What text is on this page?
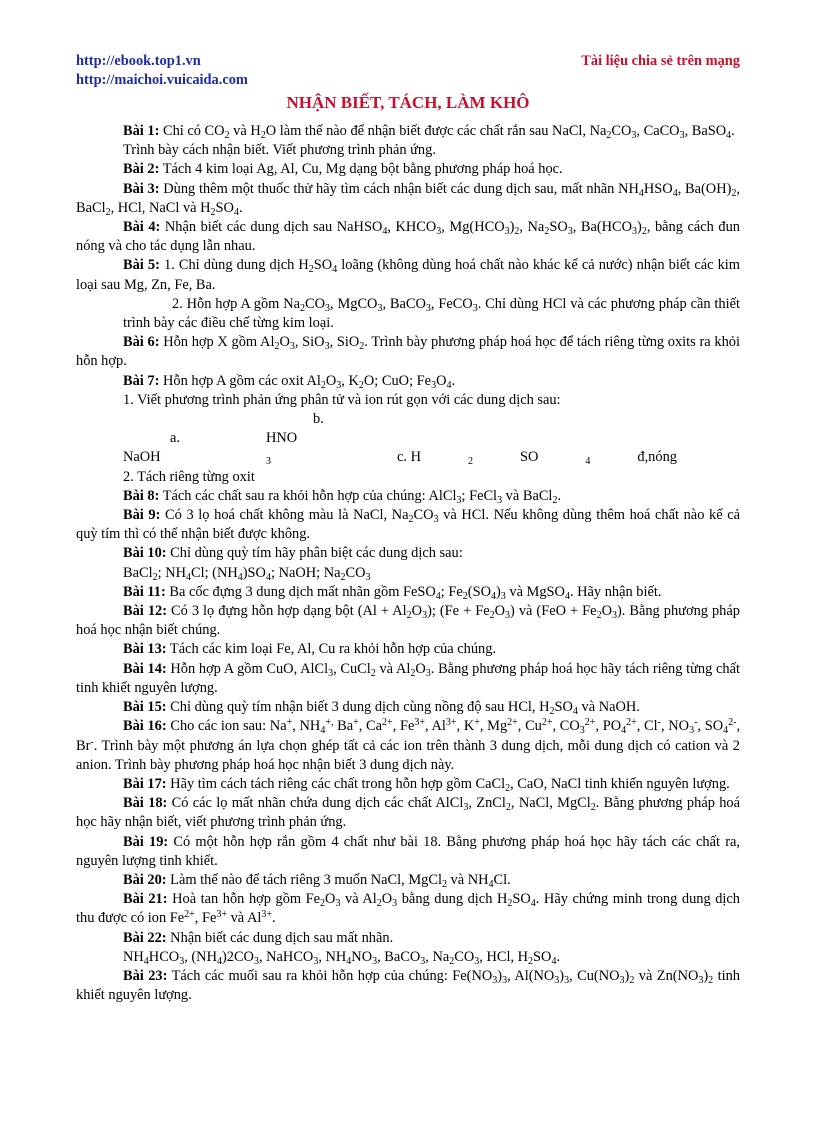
http://ebook.top1.vn
http://maichoi.vuicaida.com
Tài liệu chia sẻ trên mạng
NHẬN BIẾT, TÁCH, LÀM KHÔ

Bài 1: Chỉ có $CO_2$ và $H_2O$ làm thế nào để nhận biết được các chất rắn sau NaCl, $Na_2CO_3$, CaCO$_3$, BaSO$_4$.

Trình bày cách nhận biết. Viết phương trình phản ứng.

Bài 2: Tách 4 kim loại Ag, Al, Cu, Mg dạng bột bằng phương pháp hoá học.

Bài 3: Dùng thêm một thuốc thử hãy tìm cách nhận biết các dung dịch sau, mất nhãn $NH_4HSO_4$, $Ba(OH)_2$, BaCl$_2$, HCl, NaCl và $H_2SO_4$.

Bài 4: Nhận biết các dung dịch sau NaHSO$_4$, $KHCO_3$, $Mg(HCO_3)_2$, $Na_2SO_3$, $Ba(HCO_3)_2$, bằng cách đun nóng và cho tác dụng lẫn nhau.

Bài 5: 1. Chỉ dùng dung dịch $H_2SO_4$ loãng (không dùng hoá chất nào khác kể cả nước) nhận biết các kim loại sau Mg, Zn, Fe, Ba.

2. Hỗn hợp A gồm $Na_2CO_3$, MgCO$_3$, BaCO$_3$, FeCO$_3$. Chỉ dùng HCl và các phương pháp cần thiết trình bày các điều chế từng kim loại.

Bài 6: Hỗn hợp X gồm $Al_2O_3$, SiO$_3$, SiO$_2$. Trình bày phương pháp hoá học để tách riêng từng oxits ra khỏi hỗn hợp.

Bài 7: Hỗn hợp A gồm các oxit $Al_2O_3$, $K_2O$; CuO; $Fe_3O_4$.

1. Viết phương trình phản ứng phân tử và ion rút gọn với các dung dịch sau:

a. NaOHb. HNO3	c. H	2	SO	4	đ,nóng

2. Tách riêng từng oxit

Bài 8: Tách các chất sau ra khỏi hỗn hợp của chúng: AlCl$_3$; FeCl$_3$ và BaCl$_2$.

Bài 9: Có 3 lọ hoá chất không màu là NaCl, $Na_2CO_3$ và HCl. Nếu không dùng thêm hoá chất nào kể cả quỳ tím thì có thể nhận biết được không.

Bài 10: Chỉ dùng quỳ tím hãy phân biệt các dung dịch sau:

BaCl$_2$; $NH_4Cl$; $(NH_4)SO_4$; NaOH; $Na_2CO_3$

Bài 11: Ba cốc đựng 3 dung dịch mất nhãn gồm FeSO$_4$; $Fe_2(SO_4)_3$ và MgSO$_4$. Hãy nhận biết.

Bài 12: Có 3 lọ đựng hỗn hợp dạng bột $(Al + Al_2O_3)$; $(Fe + Fe_2O_3)$ và $(FeO + Fe_2O_3)$. Bằng phương pháp hoá học nhận biết chúng.

Bài 13: Tách các kim loại Fe, Al, Cu ra khỏi hỗn hợp của chúng.

Bài 14: Hỗn hợp A gồm CuO, AlCl$_3$, CuCl$_2$ và $Al_2O_3$. Bằng phương pháp hoá học hãy tách riêng từng chất tinh khiết nguyên lượng.

Bài 15: Chỉ dùng quỳ tím nhận biết 3 dung dịch cùng nồng độ sau HCl, $H_2SO_4$ và NaOH.

Bài 16: Cho các ion sau: Na+, $NH_4^{+,}$ Ba+, $Ca^{2+}$, $Fe^{3+}$, $Al^{3+}$, K+, $Mg^{2+}$, $Cu^{2+}$, $CO_3^{2+}$, $PO_4^{2+}$, Cl-, $NO_3^-$, $SO_4^{2-}$, Br-. Trình bày một phương án lựa chọn ghép tất cả các ion trên thành 3 dung dịch, mỗi dung dịch có cation và 2 anion. Trình bày phương pháp hoá học nhận biết 3 dung dịch này.

Bài 17: Hãy tìm cách tách riêng các chất trong hỗn hợp gồm CaCl$_2$, CaO, NaCl tinh khiến nguyên lượng.

Bài 18: Có các lọ mất nhãn chứa dung dịch các chất AlCl$_3$, ZnCl$_2$, NaCl, MgCl$_2$. Bằng phương pháp hoá học hãy nhận biết, viết phương trình phản ứng.

Bài 19: Có một hỗn hợp rắn gồm 4 chất như bài 18. Bằng phương pháp hoá học hãy tách các chất ra, nguyên lượng tinh khiết.

Bài 20: Làm thế nào để tách riêng 3 muốn NaCl, MgCl$_2$ và $NH_4Cl$.

Bài 21: Hoà tan hỗn hợp gồm $Fe_2O_3$ và $Al_2O_3$ bằng dung dịch $H_2SO_4$. Hãy chứng minh trong dung dịch thu được có ion $Fe^{2+}$, $Fe^{3+}$ và $Al^{3+}$.

Bài 22: Nhận biết các dung dịch sau mất nhãn.

$NH_4HCO_3$, $(NH_4)2CO_3$, NaHCO$_3$, $NH_4NO_3$, BaCO$_3$, $Na_2CO_3$, HCl, $H_2SO_4$.

Bài 23: Tách các muối sau ra khỏi hỗn hợp của chúng: $Fe(NO_3)_3$, $Al(NO_3)_3$, $Cu(NO_3)_2$ và $Zn(NO_3)_2$ tinh khiết nguyên lượng.
